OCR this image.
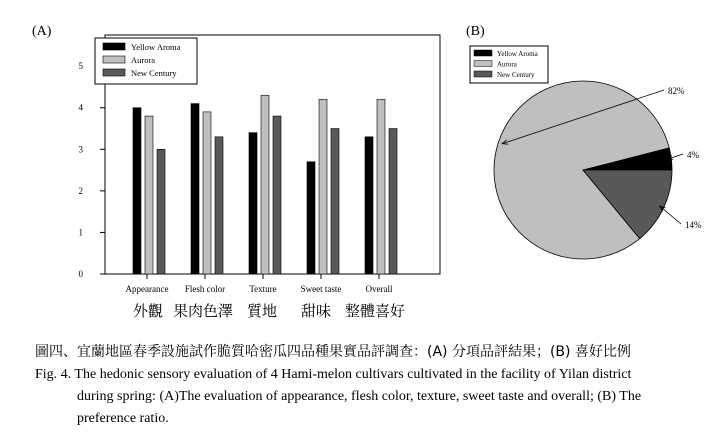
(A)	(B)
0
1
2
3
4
5
Appearance
外觀
Flesh color
果肉色澤
Texture
質地
Sweet taste
甜味
Overall
整體喜好
Yellow Aroma
Aurora
New Century
4%
82%
14%
Yellow Aroma
Aurora
New Century
圖四、宜蘭地區春季設施試作脆質哈密瓜四品種果實品評調查：(A) 分項品評結果；(B) 喜好比例
Fig. 4. The hedonic sensory evaluation of 4 Hami-melon cultivars cultivated in the facility of Yilan district
during spring: (A)The evaluation of appearance, flesh color, texture, sweet taste and overall; (B) The
preference ratio.
